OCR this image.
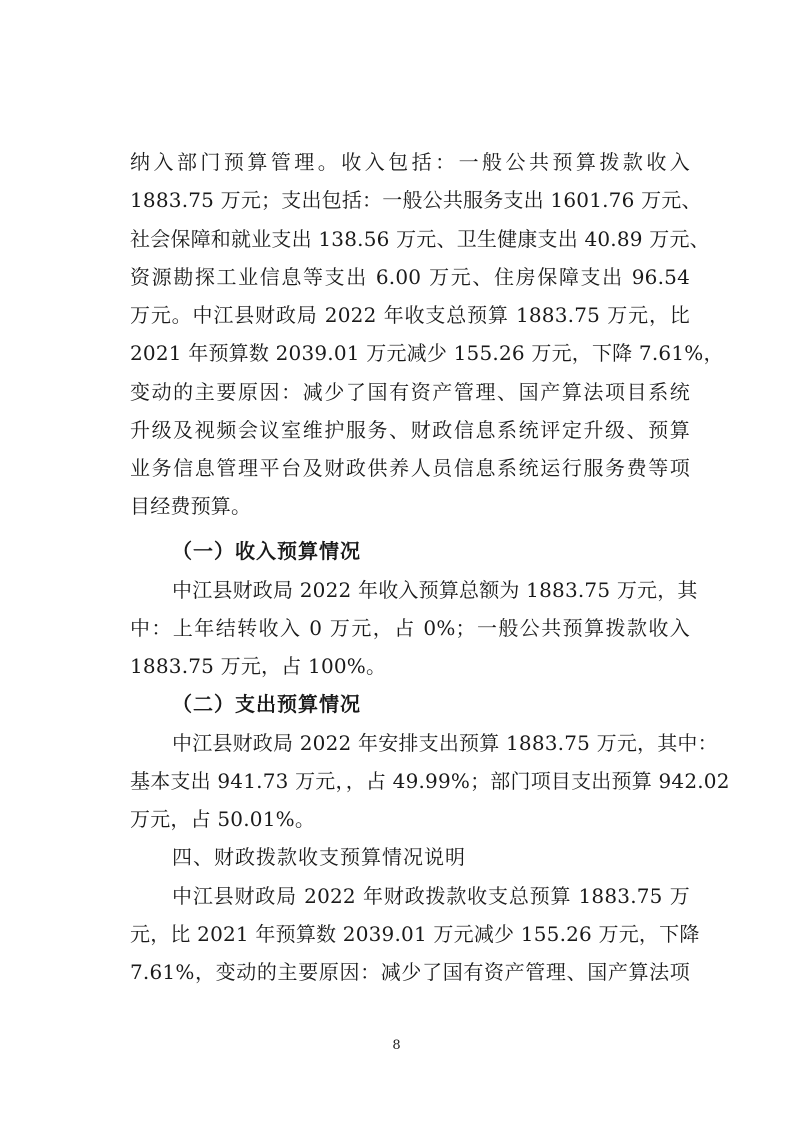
纳入部门预算管理。收入包括：一般公共预算拨款收入
1883.75 万元；支出包括：一般公共服务支出 1601.76 万元、
社会保障和就业支出 138.56 万元、卫生健康支出 40.89 万元、
资源勘探工业信息等支出 6.00 万元、住房保障支出 96.54
万元。中江县财政局 2022 年收支总预算 1883.75 万元，比
2021 年预算数 2039.01 万元减少 155.26 万元，下降 7.61%，
变动的主要原因：减少了国有资产管理、国产算法项目系统
升级及视频会议室维护服务、财政信息系统评定升级、预算
业务信息管理平台及财政供养人员信息系统运行服务费等项
目经费预算。
（一）收入预算情况
中江县财政局 2022 年收入预算总额为 1883.75 万元，其
中：上年结转收入 0 万元，占 0%；一般公共预算拨款收入
1883.75 万元，占 100%。
（二）支出预算情况
中江县财政局 2022 年安排支出预算 1883.75 万元，其中：
基本支出 941.73 万元，，占 49.99%；部门项目支出预算 942.02
万元，占 50.01%。
四、财政拨款收支预算情况说明
中江县财政局 2022 年财政拨款收支总预算 1883.75 万
元，比 2021 年预算数 2039.01 万元减少 155.26 万元，下降
7.61%，变动的主要原因：减少了国有资产管理、国产算法项
8
